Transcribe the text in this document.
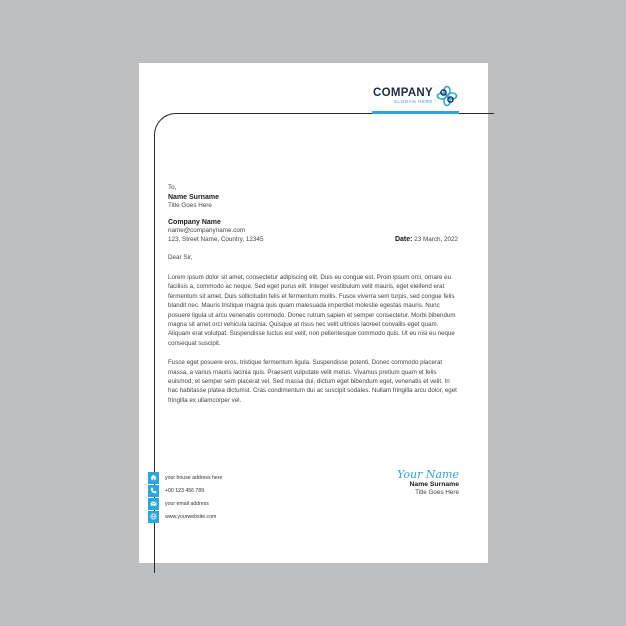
COMPANY
SLOGAN HERE
To,
Name Surname
Title Goes Here
Company Name
name@companyname.com
123, Street Name, Country, 12345	Date: 23 March, 2022
Dear Sir,

Lorem ipsum dolor sit amet, consectetur adipiscing elit. Duis eu congue est. Proin ipsum orci, ornare eu facilisis a, commodo ac neque. Sed eget purus elit. Integer vestibulum velit mauris, eget eleifend erat fermentum sit amet. Duis sollicitudin felis et fermentum mollis. Fusce viverra sem turpis, sed congue felis blandit nec. Mauris tristique magna quis quam malesuada imperdiet molestie egestas mauris. Nunc posuere ligula ut arcu venenatis commodo. Donec rutrum sapien et semper consectetur. Morbi bibendum magna sit amet orci vehicula lacinia. Quisque at risus nec velit ultrices laoreet convallis eget quam. Aliquam erat volutpat. Suspendisse luctus est velit, non pellentesque commodo quis. Ut eu nisi eu neque consequat suscipit.

Fusce eget posuere eros, tristique fermentum ligula. Suspendisse potenti. Donec commodo placerat massa, a varius mauris lacinia quis. Praesent vulputate velit metus. Vivamus pretium quam et felis euismod, et semper sem placerat vel. Sed massa dui, dictum eget bibendum eget, venenatis et velit. In hac habitasse platea dictumst. Cras condimentum dui ac suscipit sodales. Nullam fringilla arcu dolor, eget fringilla ex ullamcorper vel.

your house address here
+00 123 456 789
your email address
www.yourwebsite.com
Your Name
Name Surname
Title Goes Here
